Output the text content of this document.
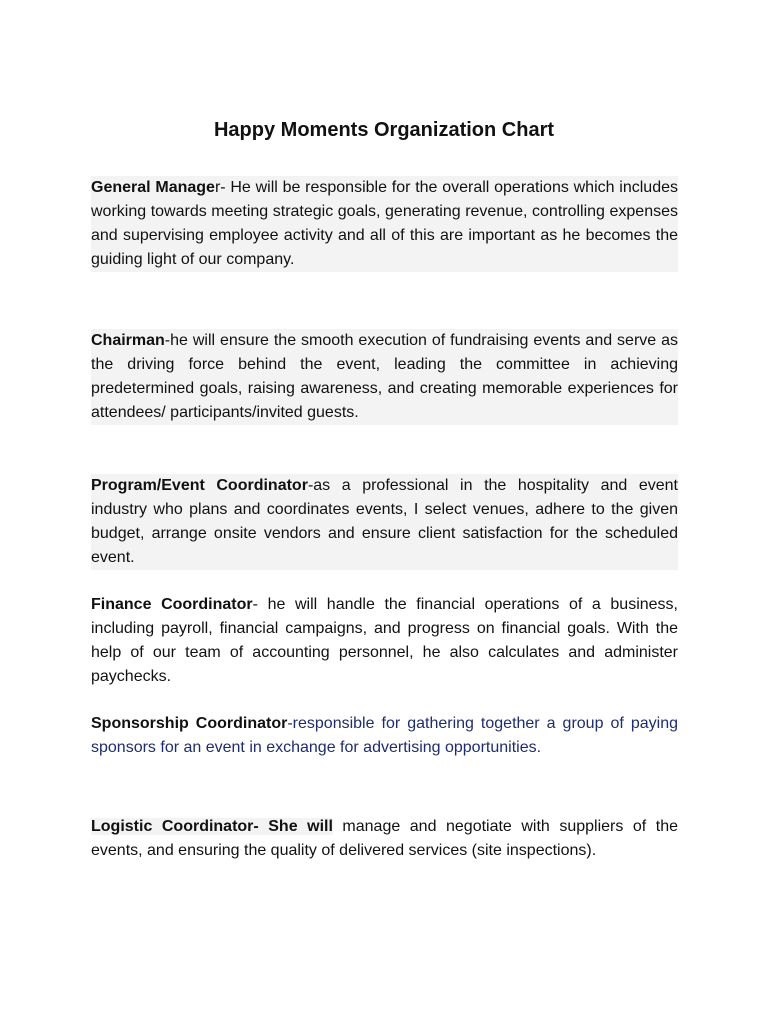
Happy Moments Organization Chart

General Manager- He will be responsible for the overall operations which includes working towards meeting strategic goals, generating revenue, controlling expenses and supervising employee activity and all of this are important as he becomes the guiding light of our company.

Chairman-he will ensure the smooth execution of fundraising events and serve as the driving force behind the event, leading the committee in achieving predetermined goals, raising awareness, and creating memorable experiences for attendees/ participants/invited guests.

Program/Event Coordinator-as a professional in the hospitality and event industry who plans and coordinates events, I select venues, adhere to the given budget, arrange onsite vendors and ensure client satisfaction for the scheduled event.

Finance Coordinator- he will handle the financial operations of a business, including payroll, financial campaigns, and progress on financial goals. With the help of our team of accounting personnel, he also calculates and administer paychecks.

Sponsorship Coordinator-responsible for gathering together a group of paying sponsors for an event in exchange for advertising opportunities.

Logistic Coordinator- She will manage and negotiate with suppliers of the events, and ensuring the quality of delivered services (site inspections).
